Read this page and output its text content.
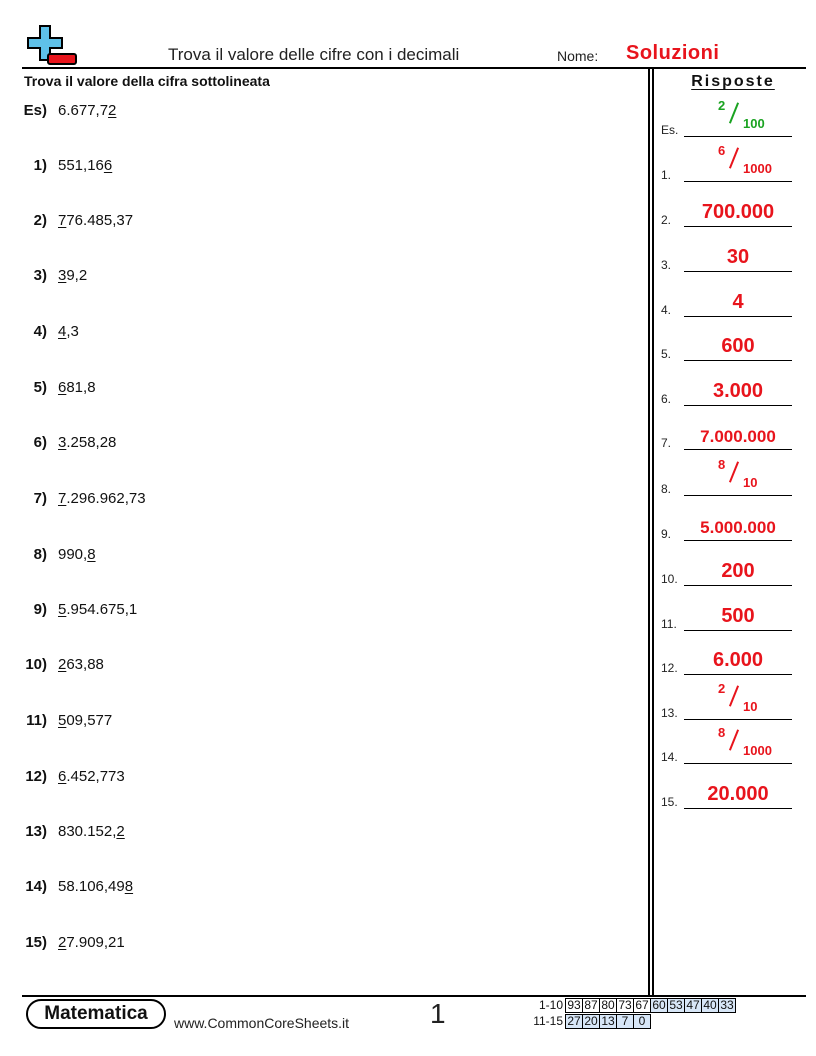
Trova il valore delle cifre con i decimali	Nome: Soluzioni
Trova il valore della cifra sottolineata
Es) 6.677,72
1) 551,166
2) 776.485,37
3) 39,2
4) 4,3
5) 681,8
6) 3.258,28
7) 7.296.962,73
8) 990,8
9) 5.954.675,1
10) 263,88
11) 509,577
12) 6.452,773
13) 830.152,2
14) 58.106,498
15) 27.909,21
Risposte
Es.
2
100
1.
6
1000
2.	700.000
3.	30
4.	4
5.	600
6.	3.000
7.	7.000.000
8.
8
10
9.	5.000.000
10.	200
11.	500
12.	6.000
13.
2
10
14.
8
1000
15.	20.000
Matematica	www.CommonCoreSheets.it	1	1-10 93 87 80 73 67 60 53 47 40 33
11-15 27 20 13 7 0
